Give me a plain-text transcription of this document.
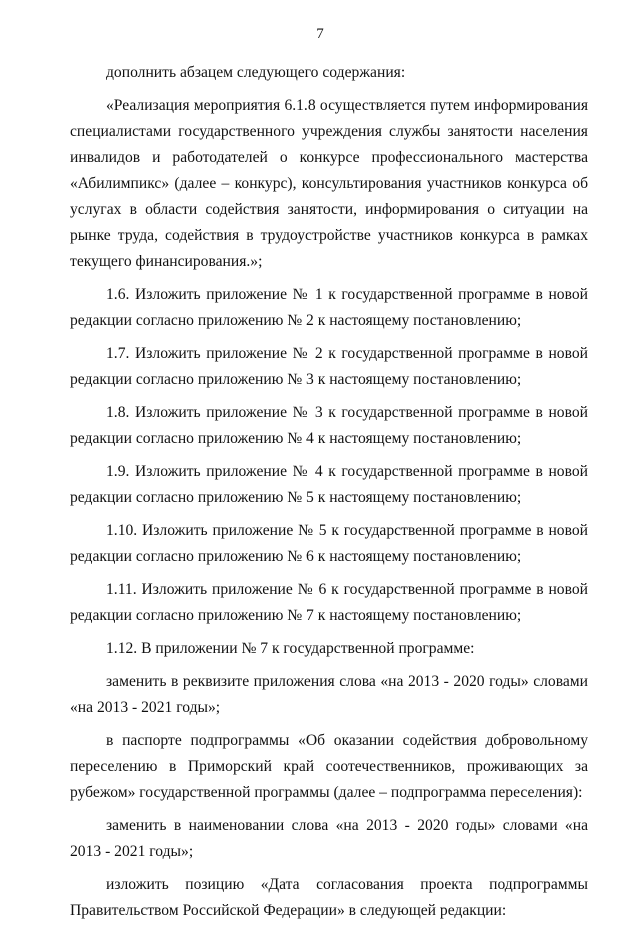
7

дополнить абзацем следующего содержания:

«Реализация мероприятия 6.1.8 осуществляется путем информирования специалистами государственного учреждения службы занятости населения инвалидов и работодателей о конкурсе профессионального мастерства «Абилимпикс» (далее – конкурс), консультирования участников конкурса об услугах в области содействия занятости, информирования о ситуации на рынке труда, содействия в трудоустройстве участников конкурса в рамках текущего финансирования.»;

1.6. Изложить приложение № 1 к государственной программе в новой редакции согласно приложению № 2 к настоящему постановлению;

1.7. Изложить приложение № 2 к государственной программе в новой редакции согласно приложению № 3 к настоящему постановлению;

1.8. Изложить приложение № 3 к государственной программе в новой редакции согласно приложению № 4 к настоящему постановлению;

1.9. Изложить приложение № 4 к государственной программе в новой редакции согласно приложению № 5 к настоящему постановлению;

1.10. Изложить приложение № 5 к государственной программе в новой редакции согласно приложению № 6 к настоящему постановлению;

1.11. Изложить приложение № 6 к государственной программе в новой редакции согласно приложению № 7 к настоящему постановлению;

1.12. В приложении № 7 к государственной программе:

заменить в реквизите приложения слова «на 2013 - 2020 годы» словами «на 2013 - 2021 годы»;

в паспорте подпрограммы «Об оказании содействия добровольному переселению в Приморский край соотечественников, проживающих за рубежом» государственной программы (далее – подпрограмма переселения):

заменить в наименовании слова «на 2013 - 2020 годы» словами «на 2013 - 2021 годы»;

изложить позицию «Дата согласования проекта подпрограммы Правительством Российской Федерации» в следующей редакции:
